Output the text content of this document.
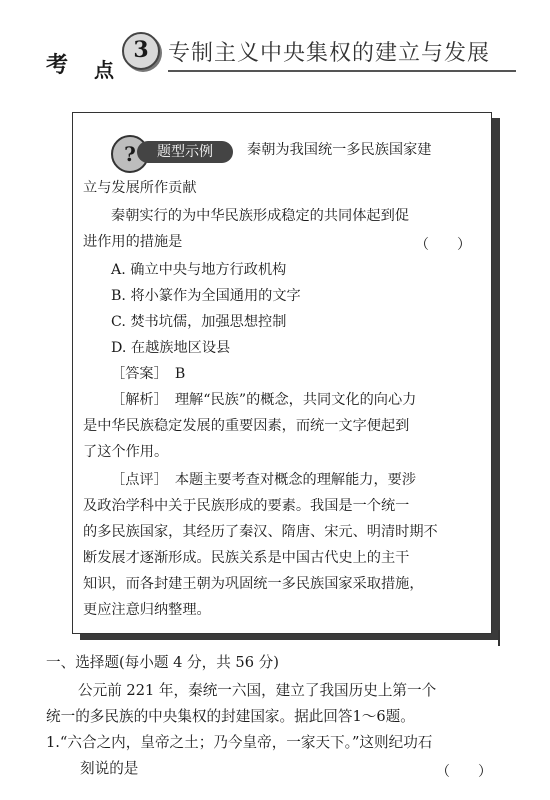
考 点
3 专制主义中央集权的建立与发展
?	题型示例	秦朝为我国统一多民族国家建
立与发展所作贡献
秦朝实行的为中华民族形成稳定的共同体起到促
进作用的措施是	（　　）
A. 确立中央与地方行政机构
B. 将小篆作为全国通用的文字
C. 焚书坑儒，加强思想控制
D. 在越族地区设县
［答案］　B
［解析］　理解“民族”的概念，共同文化的向心力
是中华民族稳定发展的重要因素，而统一文字便起到
了这个作用。
［点评］　本题主要考查对概念的理解能力，要涉
及政治学科中关于民族形成的要素。我国是一个统一
的多民族国家，其经历了秦汉、隋唐、宋元、明清时期不
断发展才逐渐形成。民族关系是中国古代史上的主干
知识，而各封建王朝为巩固统一多民族国家采取措施，
更应注意归纳整理。
一、选择题(每小题 4 分，共 56 分)
公元前 221 年，秦统一六国，建立了我国历史上第一个
统一的多民族的中央集权的封建国家。据此回答1～6题。
1.“六合之内，皇帝之土；乃今皇帝，一家天下。”这则纪功石
刻说的是	（　　）
